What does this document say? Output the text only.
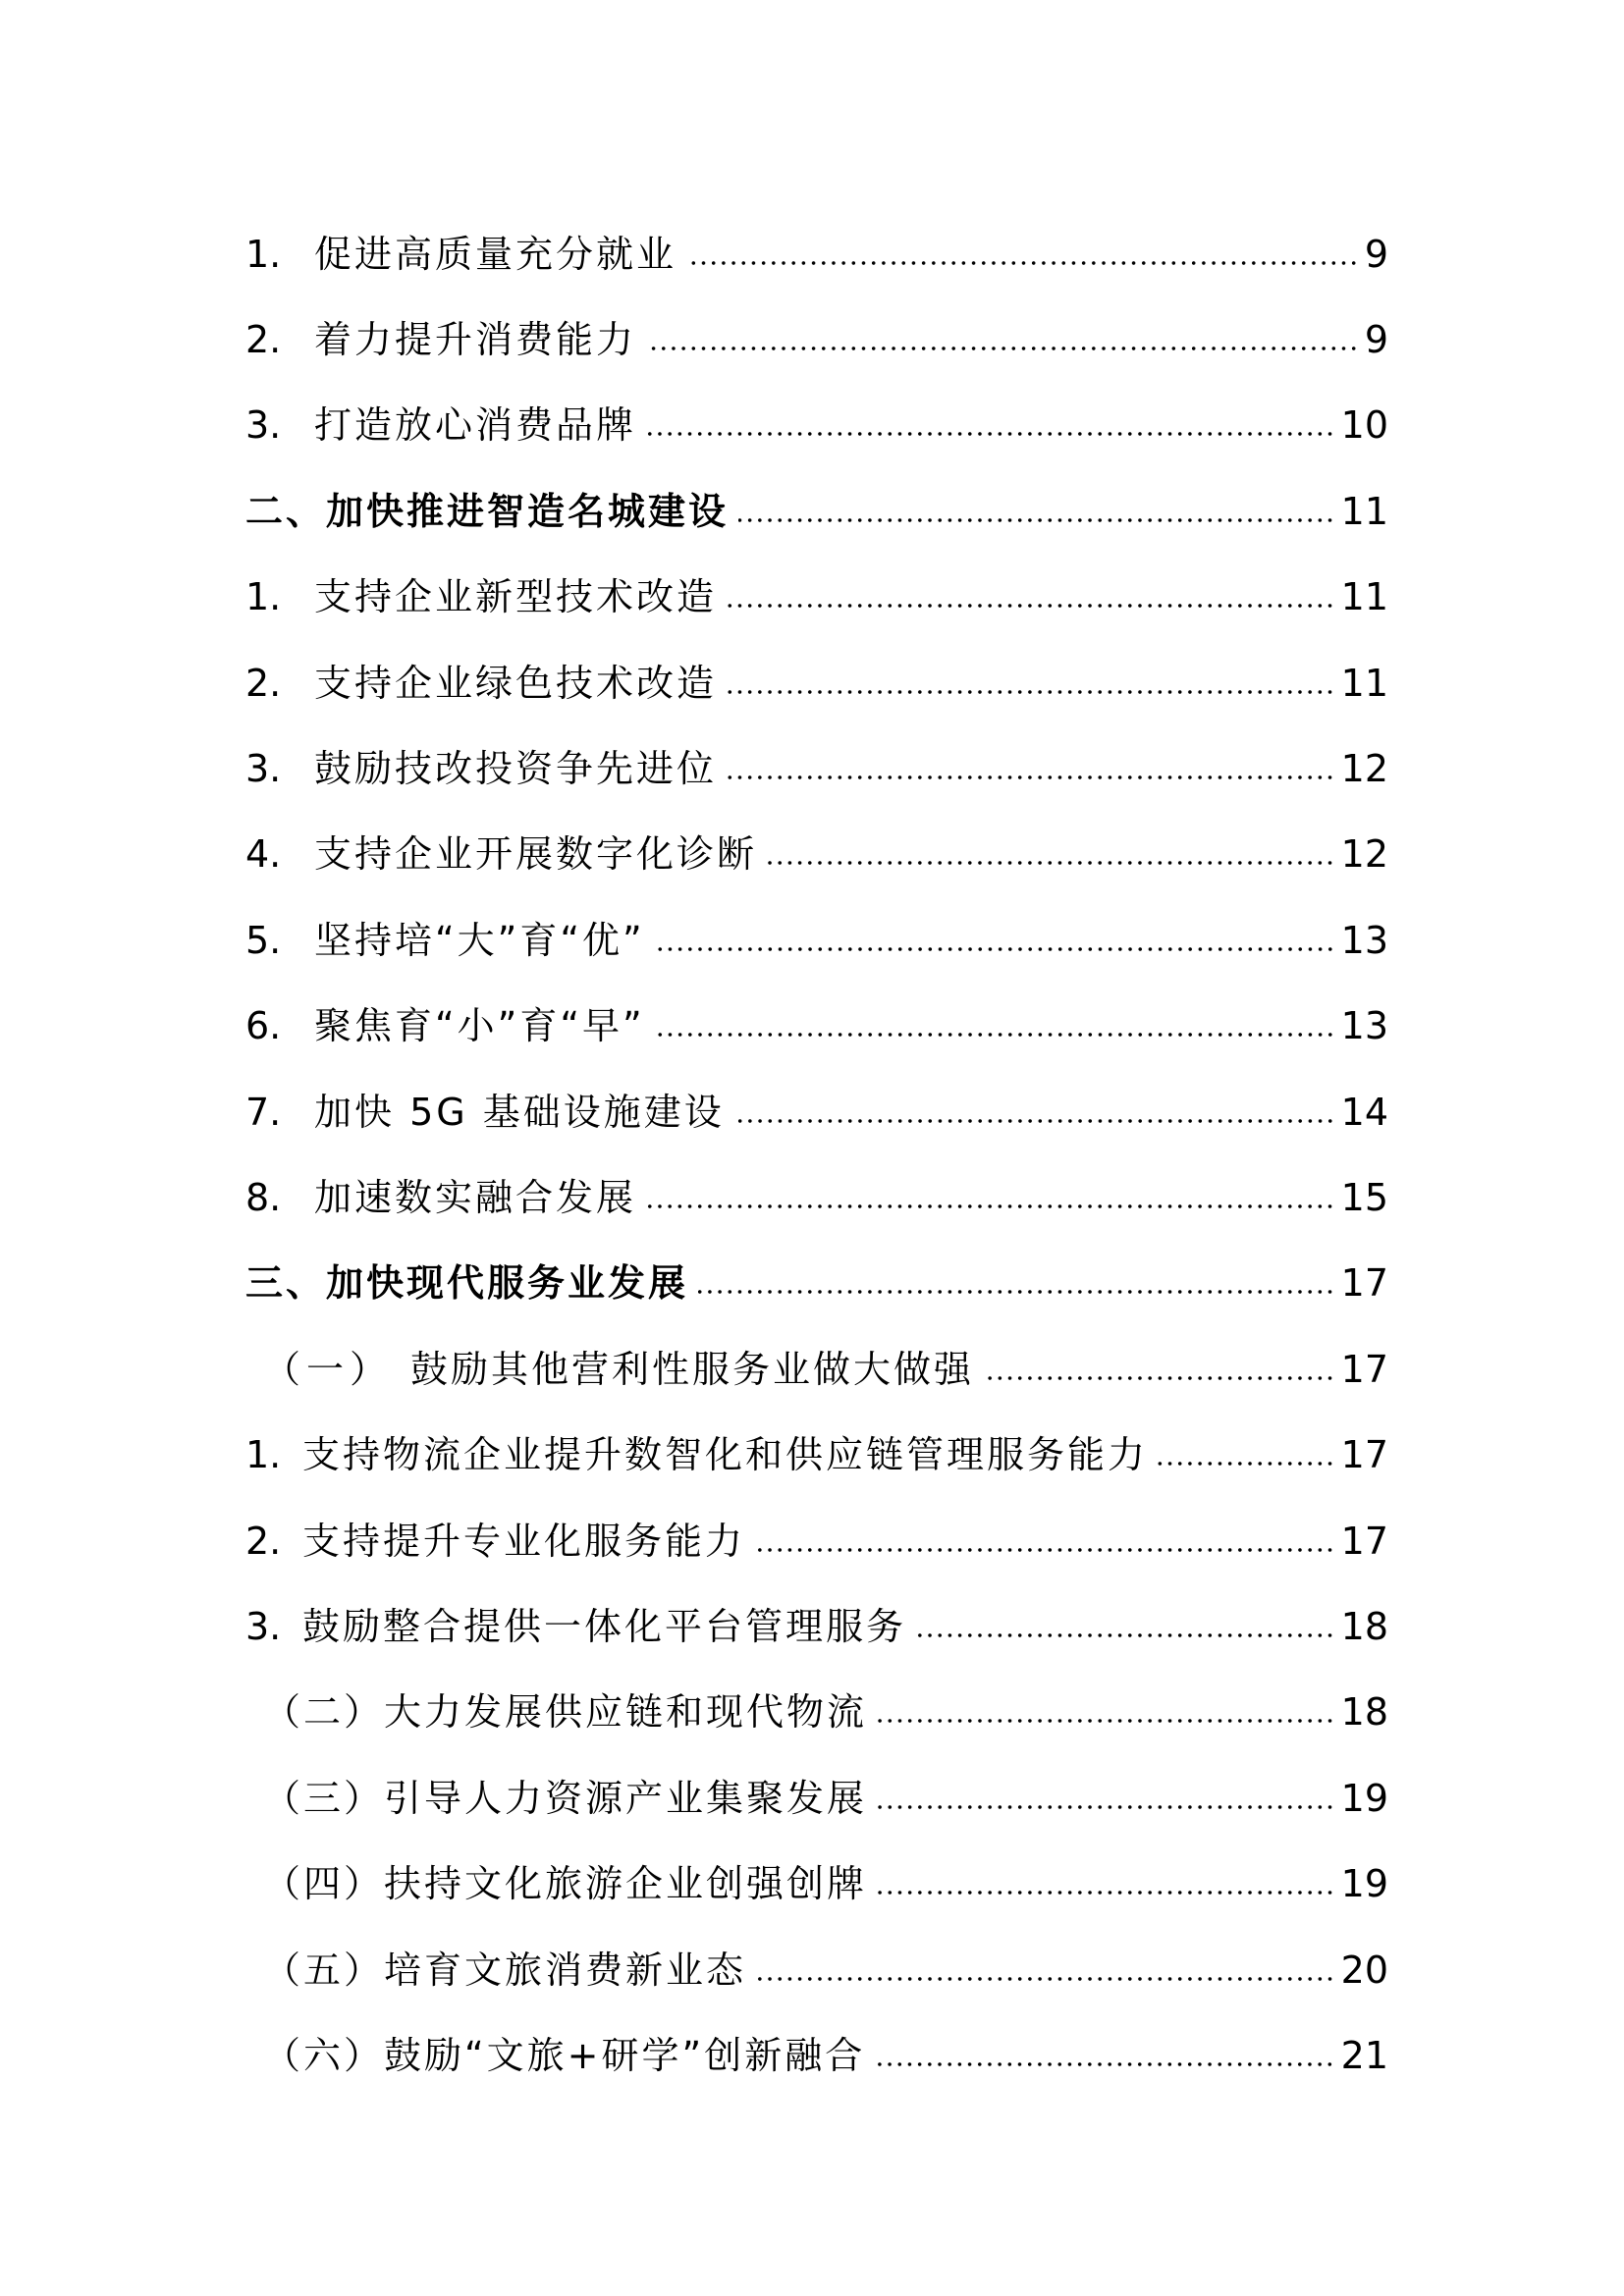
1. 促进高质量充分就业	9
2. 着力提升消费能力	9
3. 打造放心消费品牌	10
二、加快推进智造名城建设	11
1. 支持企业新型技术改造	11
2. 支持企业绿色技术改造	11
3. 鼓励技改投资争先进位	12
4. 支持企业开展数字化诊断	12
5. 坚持培“大”育“优”	13
6. 聚焦育“小”育“早”	13
7. 加快 5G 基础设施建设	14
8. 加速数实融合发展	15
三、加快现代服务业发展	17
（一） 鼓励其他营利性服务业做大做强	17
1. 支持物流企业提升数智化和供应链管理服务能力	17
2. 支持提升专业化服务能力	17
3. 鼓励整合提供一体化平台管理服务	18
（二）大力发展供应链和现代物流	18
（三）引导人力资源产业集聚发展	19
（四）扶持文化旅游企业创强创牌	19
（五）培育文旅消费新业态	20
（六）鼓励“文旅+研学”创新融合	21
